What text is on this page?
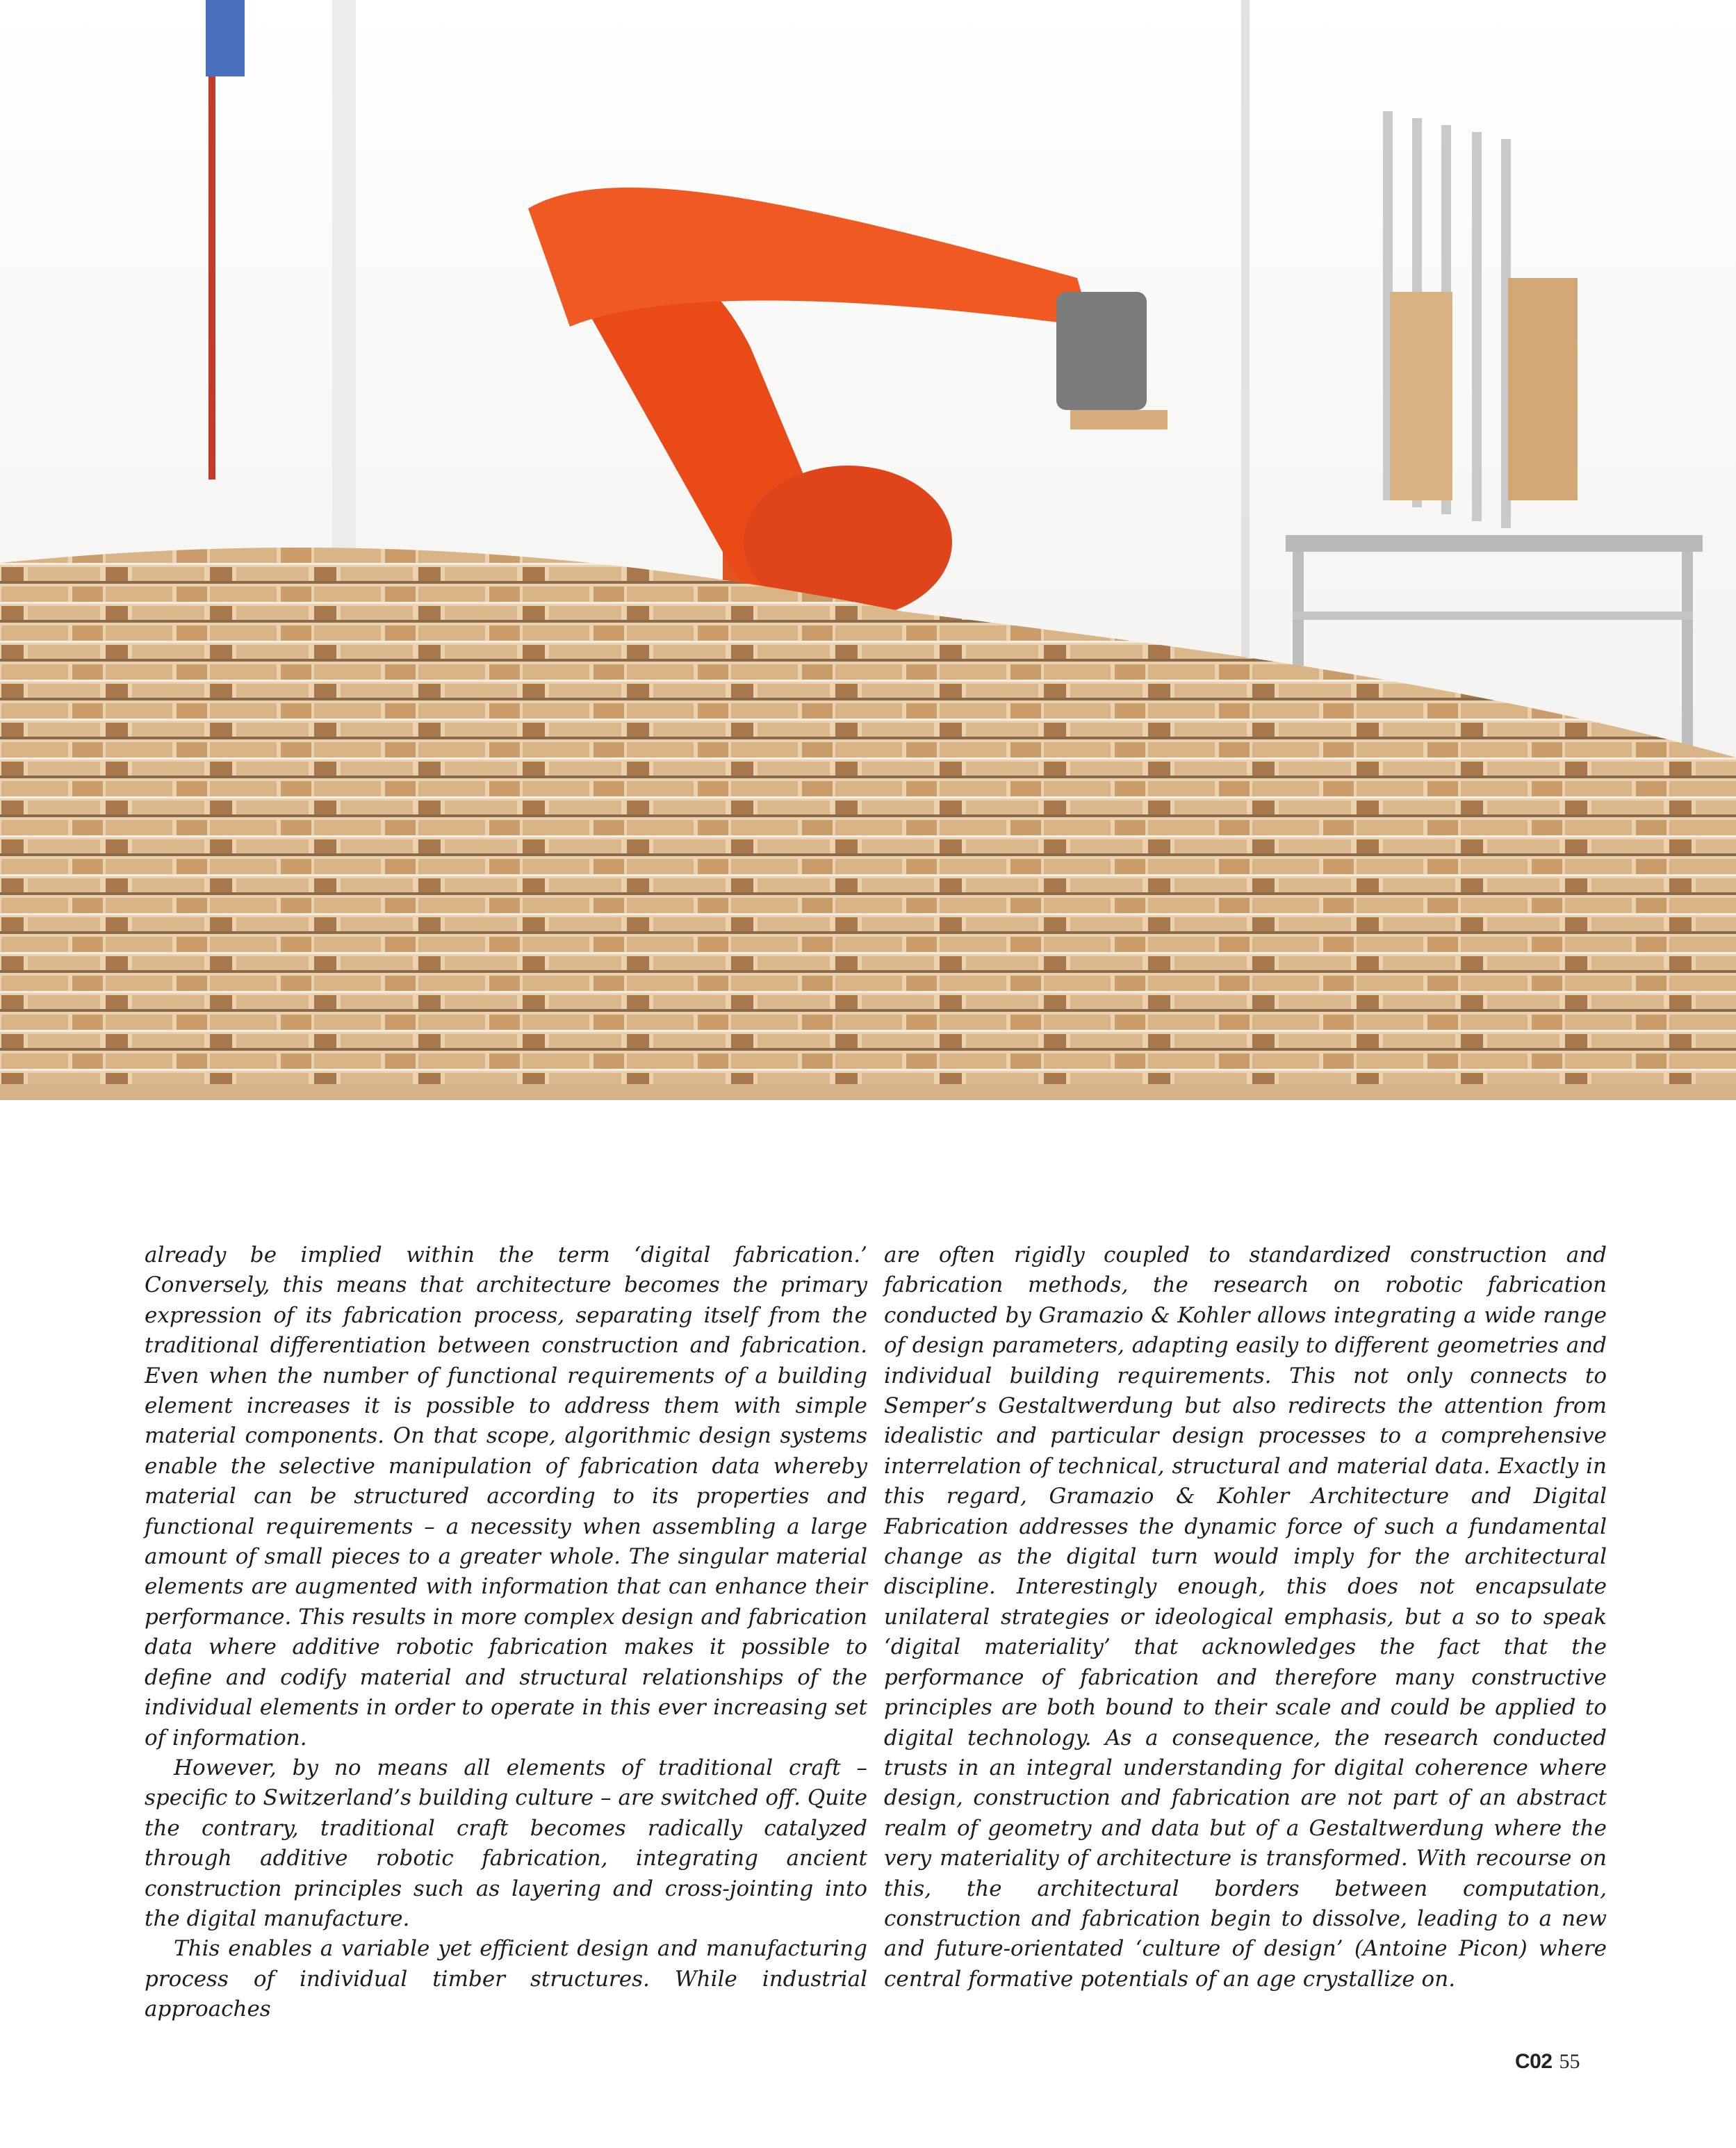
already be implied within the term ‘digital fabrication.’ Conversely, this means that architecture becomes the primary expression of its fabrication process, separating itself from the traditional differentiation between construction and fabrication. Even when the number of functional requirements of a building element increases it is possible to address them with simple material components. On that scope, algorithmic design systems enable the selective manipulation of fabrication data whereby material can be structured according to its properties and functional requirements – a necessity when assembling a large amount of small pieces to a greater whole. The singular material elements are augmented with information that can enhance their performance. This results in more complex design and fabrication data where additive robotic fabrication makes it possible to define and codify material and structural relationships of the individual elements in order to operate in this ever increasing set of information.

However, by no means all elements of traditional craft – specific to Switzerland’s building culture – are switched off. Quite the contrary, traditional craft becomes radically catalyzed through additive robotic fabrication, integrating ancient construction principles such as layering and cross-jointing into the digital manufacture.

This enables a variable yet efficient design and manufacturing process of individual timber structures. While industrial approaches

are often rigidly coupled to standardized construction and fabrication methods, the research on robotic fabrication conducted by Gramazio & Kohler allows integrating a wide range of design parameters, adapting easily to different geometries and individual building requirements. This not only connects to Semper’s Gestaltwerdung but also redirects the attention from idealistic and particular design processes to a comprehensive interrelation of technical, structural and material data. Exactly in this regard, Gramazio & Kohler Architecture and Digital Fabrication addresses the dynamic force of such a fundamental change as the digital turn would imply for the architectural discipline. Interestingly enough, this does not encapsulate unilateral strategies or ideological emphasis, but a so to speak ‘digital materiality’ that acknowledges the fact that the performance of fabrication and therefore many constructive principles are both bound to their scale and could be applied to digital technology. As a consequence, the research conducted trusts in an integral understanding for digital coherence where design, construction and fabrication are not part of an abstract realm of geometry and data but of a Gestaltwerdung where the very materiality of architecture is transformed. With recourse on this, the architectural borders between computation, construction and fabrication begin to dissolve, leading to a new and future-orientated ‘culture of design’ (Antoine Picon) where central formative potentials of an age crystallize on.

C02 55
